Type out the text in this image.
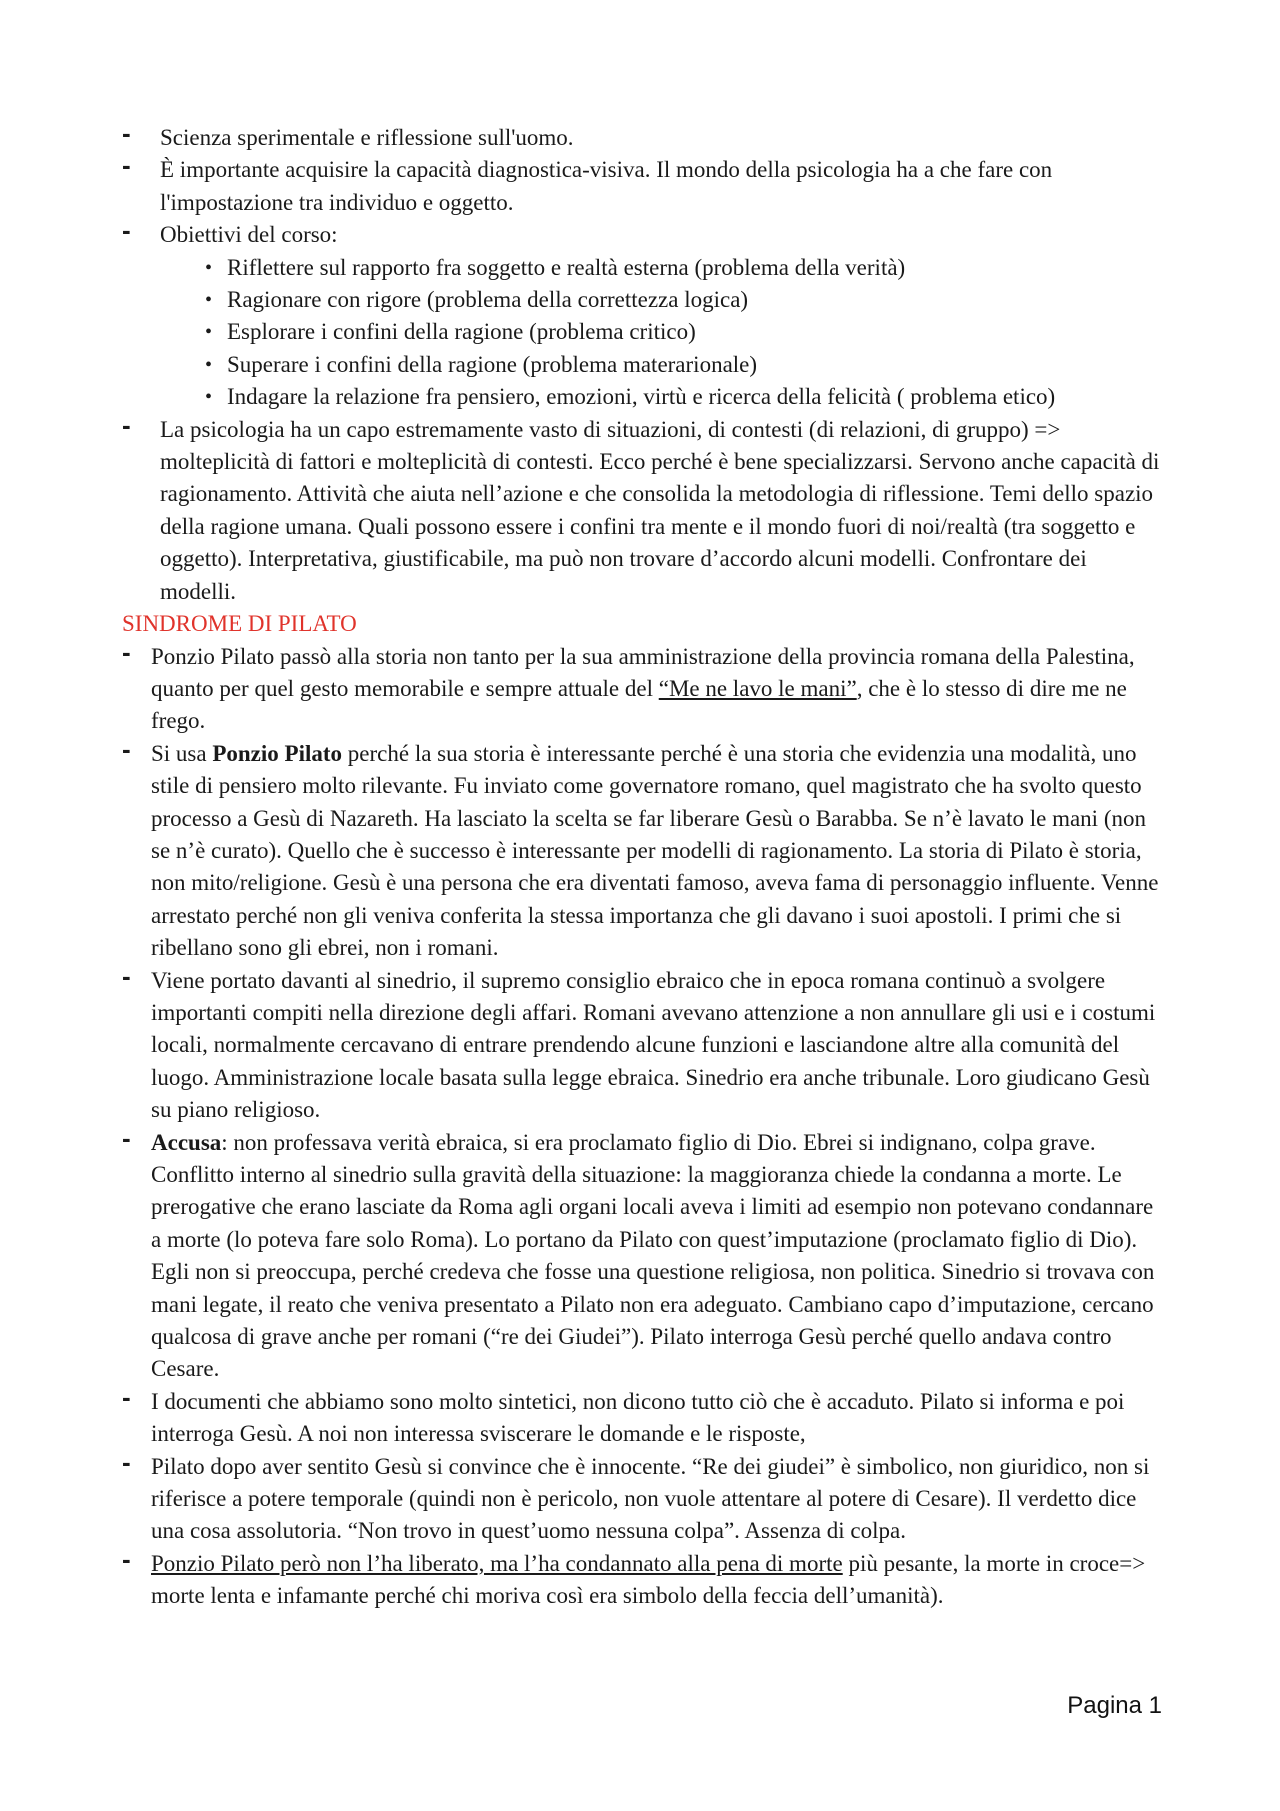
- Scienza sperimentale e riflessione sull'uomo.
- È importante acquisire la capacità diagnostica-visiva. Il mondo della psicologia ha a che fare con l'impostazione tra individuo e oggetto.
- Obiettivi del corso:
• Riflettere sul rapporto fra soggetto e realtà esterna (problema della verità)
• Ragionare con rigore (problema della correttezza logica)
• Esplorare i confini della ragione (problema critico)
• Superare i confini della ragione (problema materarionale)
• Indagare la relazione fra pensiero, emozioni, virtù e ricerca della felicità ( problema etico)
- La psicologia ha un capo estremamente vasto di situazioni, di contesti (di relazioni, di gruppo) => molteplicità di fattori e molteplicità di contesti. Ecco perché è bene specializzarsi. Servono anche capacità di ragionamento. Attività che aiuta nell’azione e che consolida la metodologia di riflessione. Temi dello spazio della ragione umana. Quali possono essere i confini tra mente e il mondo fuori di noi/realtà (tra soggetto e oggetto). Interpretativa, giustificabile, ma può non trovare d’accordo alcuni modelli. Confrontare dei modelli.
SINDROME DI PILATO
- Ponzio Pilato passò alla storia non tanto per la sua amministrazione della provincia romana della Palestina, quanto per quel gesto memorabile e sempre attuale del “Me ne lavo le mani”, che è lo stesso di dire me ne frego.
- Si usa Ponzio Pilato perché la sua storia è interessante perché è una storia che evidenzia una modalità, uno stile di pensiero molto rilevante. Fu inviato come governatore romano, quel magistrato che ha svolto questo processo a Gesù di Nazareth. Ha lasciato la scelta se far liberare Gesù o Barabba. Se n’è lavato le mani (non se n’è curato). Quello che è successo è interessante per modelli di ragionamento. La storia di Pilato è storia, non mito/religione. Gesù è una persona che era diventati famoso, aveva fama di personaggio influente. Venne arrestato perché non gli veniva conferita la stessa importanza che gli davano i suoi apostoli. I primi che si ribellano sono gli ebrei, non i romani.
- Viene portato davanti al sinedrio, il supremo consiglio ebraico che in epoca romana continuò a svolgere importanti compiti nella direzione degli affari. Romani avevano attenzione a non annullare gli usi e i costumi locali, normalmente cercavano di entrare prendendo alcune funzioni e lasciandone altre alla comunità del luogo. Amministrazione locale basata sulla legge ebraica. Sinedrio era anche tribunale. Loro giudicano Gesù su piano religioso.
- Accusa: non professava verità ebraica, si era proclamato figlio di Dio. Ebrei si indignano, colpa grave. Conflitto interno al sinedrio sulla gravità della situazione: la maggioranza chiede la condanna a morte. Le prerogative che erano lasciate da Roma agli organi locali aveva i limiti ad esempio non potevano condannare a morte (lo poteva fare solo Roma). Lo portano da Pilato con quest’imputazione (proclamato figlio di Dio). Egli non si preoccupa, perché credeva che fosse una questione religiosa, non politica. Sinedrio si trovava con mani legate, il reato che veniva presentato a Pilato non era adeguato. Cambiano capo d’imputazione, cercano qualcosa di grave anche per romani (“re dei Giudei”). Pilato interroga Gesù perché quello andava contro Cesare.
- I documenti che abbiamo sono molto sintetici, non dicono tutto ciò che è accaduto. Pilato si informa e poi interroga Gesù. A noi non interessa sviscerare le domande e le risposte,
- Pilato dopo aver sentito Gesù si convince che è innocente. “Re dei giudei” è simbolico, non giuridico, non si riferisce a potere temporale (quindi non è pericolo, non vuole attentare al potere di Cesare). Il verdetto dice una cosa assolutoria. “Non trovo in quest’uomo nessuna colpa”. Assenza di colpa.
- Ponzio Pilato però non l’ha liberato, ma l’ha condannato alla pena di morte più pesante, la morte in croce=> morte lenta e infamante perché chi moriva così era simbolo della feccia dell’umanità).
Pagina 1
